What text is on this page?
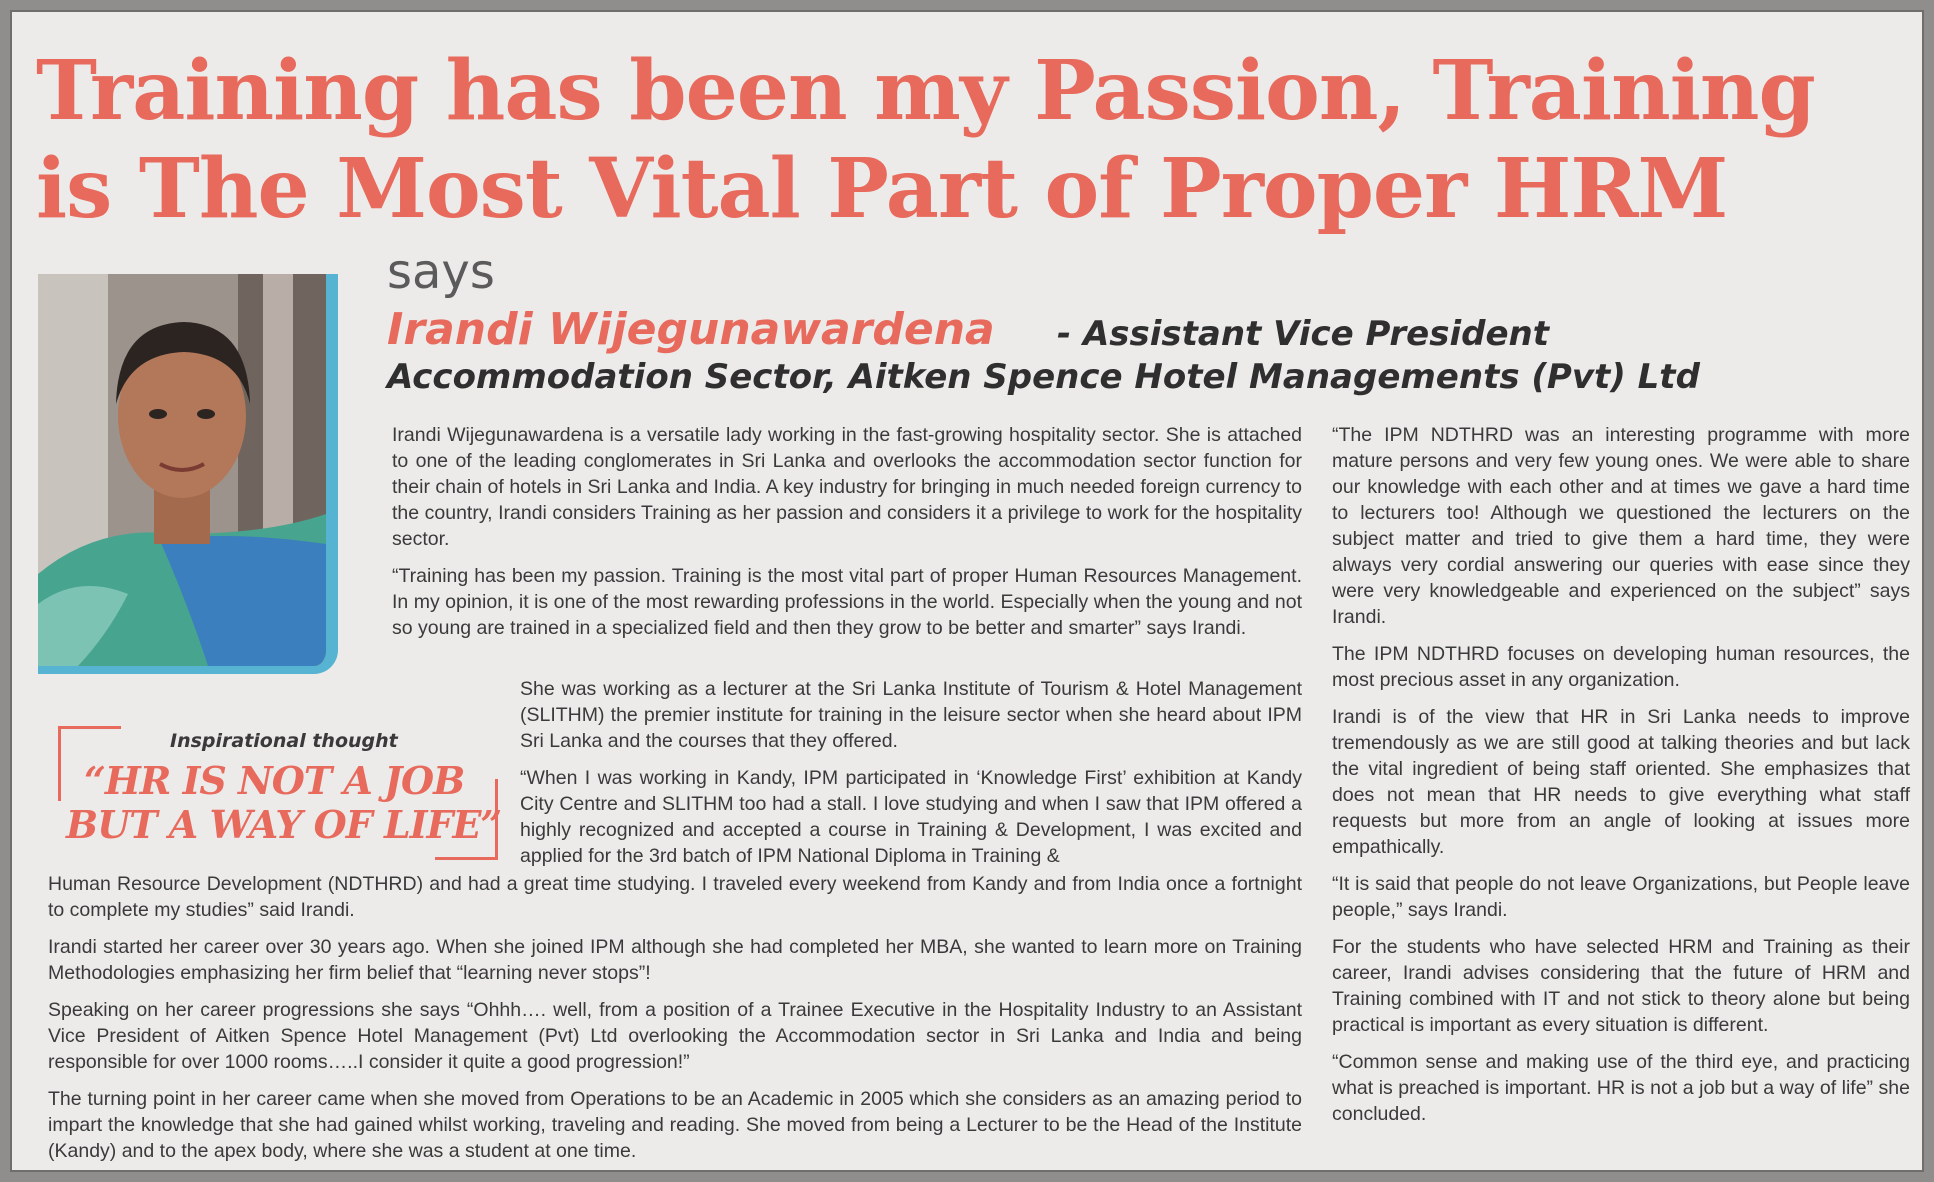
Training has been my Passion, Training
is The Most Vital Part of Proper HRM
says
Irandi Wijegunawardena - Assistant Vice President
Accommodation Sector, Aitken Spence Hotel Managements (Pvt) Ltd
Inspirational thought
“HR IS NOT A JOB
BUT A WAY OF LIFE”

Irandi Wijegunawardena is a versatile lady working in the fast-growing hospitality sector. She is attached to one of the leading conglomerates in Sri Lanka and overlooks the accommodation sector function for their chain of hotels in Sri Lanka and India. A key industry for bringing in much needed foreign currency to the country, Irandi considers Training as her passion and considers it a privilege to work for the hospitality sector.

“Training has been my passion. Training is the most vital part of proper Human Resources Management. In my opinion, it is one of the most rewarding professions in the world. Especially when the young and not so young are trained in a specialized field and then they grow to be better and smarter” says Irandi.

She was working as a lecturer at the Sri Lanka Institute of Tourism & Hotel Management (SLITHM) the premier institute for training in the leisure sector when she heard about IPM Sri Lanka and the courses that they offered.

“When I was working in Kandy, IPM participated in ‘Knowledge First’ exhibition at Kandy City Centre and SLITHM too had a stall. I love studying and when I saw that IPM offered a highly recognized and accepted a course in Training & Development, I was excited and applied for the 3rd batch of IPM National Diploma in Training &

Human Resource Development (NDTHRD) and had a great time studying. I traveled every weekend from Kandy and from India once a fortnight to complete my studies” said Irandi.

Irandi started her career over 30 years ago. When she joined IPM although she had completed her MBA, she wanted to learn more on Training Methodologies emphasizing her firm belief that “learning never stops”!

Speaking on her career progressions she says “Ohhh…. well, from a position of a Trainee Executive in the Hospitality Industry to an Assistant Vice President of Aitken Spence Hotel Management (Pvt) Ltd overlooking the Accommodation sector in Sri Lanka and India and being responsible for over 1000 rooms…..I consider it quite a good progression!”

The turning point in her career came when she moved from Operations to be an Academic in 2005 which she considers as an amazing period to impart the knowledge that she had gained whilst working, traveling and reading. She moved from being a Lecturer to be the Head of the Institute (Kandy) and to the apex body, where she was a student at one time.

“The IPM NDTHRD was an interesting programme with more mature persons and very few young ones. We were able to share our knowledge with each other and at times we gave a hard time to lecturers too! Although we questioned the lecturers on the subject matter and tried to give them a hard time, they were always very cordial answering our queries with ease since they were very knowledgeable and experienced on the subject” says Irandi.

The IPM NDTHRD focuses on developing human resources, the most precious asset in any organization.

Irandi is of the view that HR in Sri Lanka needs to improve tremendously as we are still good at talking theories and but lack the vital ingredient of being staff oriented. She emphasizes that does not mean that HR needs to give everything what staff requests but more from an angle of looking at issues more empathically.

“It is said that people do not leave Organizations, but People leave people,” says Irandi.

For the students who have selected HRM and Training as their career, Irandi advises considering that the future of HRM and Training combined with IT and not stick to theory alone but being practical is important as every situation is different.

“Common sense and making use of the third eye, and practicing what is preached is important. HR is not a job but a way of life” she concluded.
